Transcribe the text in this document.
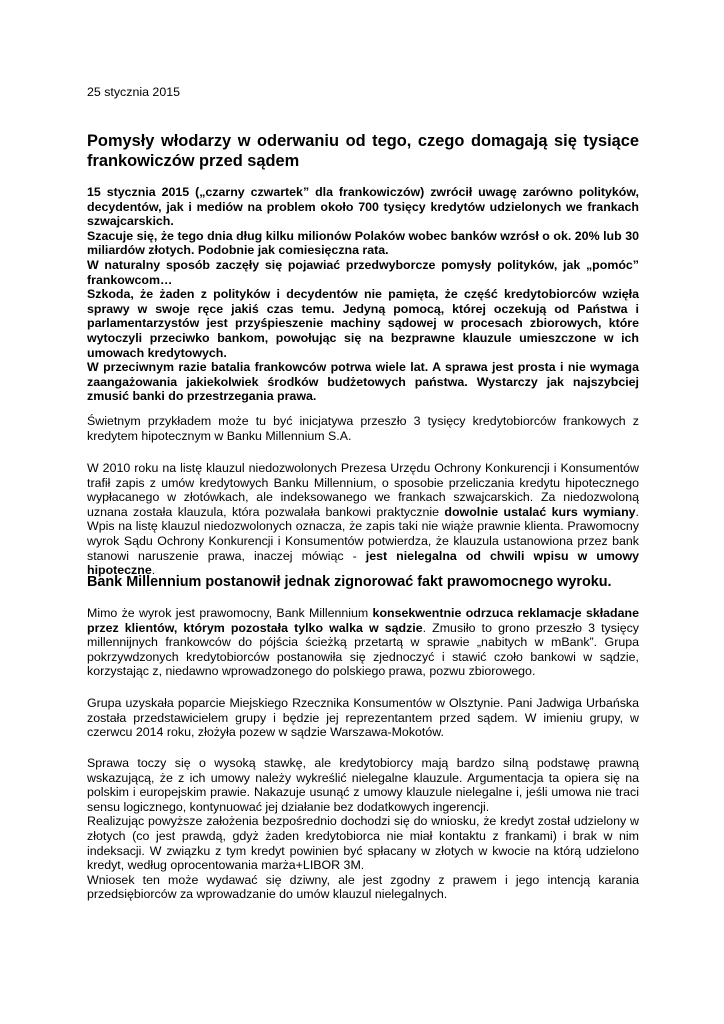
25 stycznia 2015
Pomysły włodarzy w oderwaniu od tego, czego domagają się tysiące frankowiczów przed sądem

15 stycznia 2015 („czarny czwartek” dla frankowiczów) zwrócił uwagę zarówno polityków, decydentów, jak i mediów na problem około 700 tysięcy kredytów udzielonych we frankach szwajcarskich.

Szacuje się, że tego dnia dług kilku milionów Polaków wobec banków wzrósł o ok. 20% lub 30 miliardów złotych. Podobnie jak comiesięczna rata.

W naturalny sposób zaczęły się pojawiać przedwyborcze pomysły polityków, jak „pomóc” frankowcom…

Szkoda, że żaden z polityków i decydentów nie pamięta, że część kredytobiorców wzięła sprawy w swoje ręce jakiś czas temu. Jedyną pomocą, której oczekują od Państwa i parlamentarzystów jest przyśpieszenie machiny sądowej w procesach zbiorowych, które wytoczyli przeciwko bankom, powołując się na bezprawne klauzule umieszczone w ich umowach kredytowych.

W przeciwnym razie batalia frankowców potrwa wiele lat. A sprawa jest prosta i nie wymaga zaangażowania jakiekolwiek środków budżetowych państwa. Wystarczy jak najszybciej zmusić banki do przestrzegania prawa.

Świetnym przykładem może tu być inicjatywa przeszło 3 tysięcy kredytobiorców frankowych z kredytem hipotecznym w Banku Millennium S.A.

W 2010 roku na listę klauzul niedozwolonych Prezesa Urzędu Ochrony Konkurencji i Konsumentów trafił zapis z umów kredytowych Banku Millennium, o sposobie przeliczania kredytu hipotecznego wypłacanego w złotówkach, ale indeksowanego we frankach szwajcarskich. Za niedozwoloną uznana została klauzula, która pozwalała bankowi praktycznie dowolnie ustalać kurs wymiany. Wpis na listę klauzul niedozwolonych oznacza, że zapis taki nie wiąże prawnie klienta. Prawomocny wyrok Sądu Ochrony Konkurencji i Konsumentów potwierdza, że klauzula ustanowiona przez bank stanowi naruszenie prawa, inaczej mówiąc - jest nielegalna od chwili wpisu w umowy hipoteczne.

Bank Millennium postanowił jednak zignorować fakt prawomocnego wyroku.

Mimo że wyrok jest prawomocny, Bank Millennium konsekwentnie odrzuca reklamacje składane przez klientów, którym pozostała tylko walka w sądzie. Zmusiło to grono przeszło 3 tysięcy millennijnych frankowców do pójścia ścieżką przetartą w sprawie „nabitych w mBank”. Grupa pokrzywdzonych kredytobiorców postanowiła się zjednoczyć i stawić czoło bankowi w sądzie, korzystając z, niedawno wprowadzonego do polskiego prawa, pozwu zbiorowego.

Grupa uzyskała poparcie Miejskiego Rzecznika Konsumentów w Olsztynie. Pani Jadwiga Urbańska została przedstawicielem grupy i będzie jej reprezentantem przed sądem. W imieniu grupy, w czerwcu 2014 roku, złożyła pozew w sądzie Warszawa-Mokotów.

Sprawa toczy się o wysoką stawkę, ale kredytobiorcy mają bardzo silną podstawę prawną wskazującą, że z ich umowy należy wykreślić nielegalne klauzule. Argumentacja ta opiera się na polskim i europejskim prawie. Nakazuje usunąć z umowy klauzule nielegalne i, jeśli umowa nie traci sensu logicznego, kontynuować jej działanie bez dodatkowych ingerencji.

Realizując powyższe założenia bezpośrednio dochodzi się do wniosku, że kredyt został udzielony w złotych (co jest prawdą, gdyż żaden kredytobiorca nie miał kontaktu z frankami) i brak w nim indeksacji. W związku z tym kredyt powinien być spłacany w złotych w kwocie na którą udzielono kredyt, według oprocentowania marża+LIBOR 3M.

Wniosek ten może wydawać się dziwny, ale jest zgodny z prawem i jego intencją karania przedsiębiorców za wprowadzanie do umów klauzul nielegalnych.
